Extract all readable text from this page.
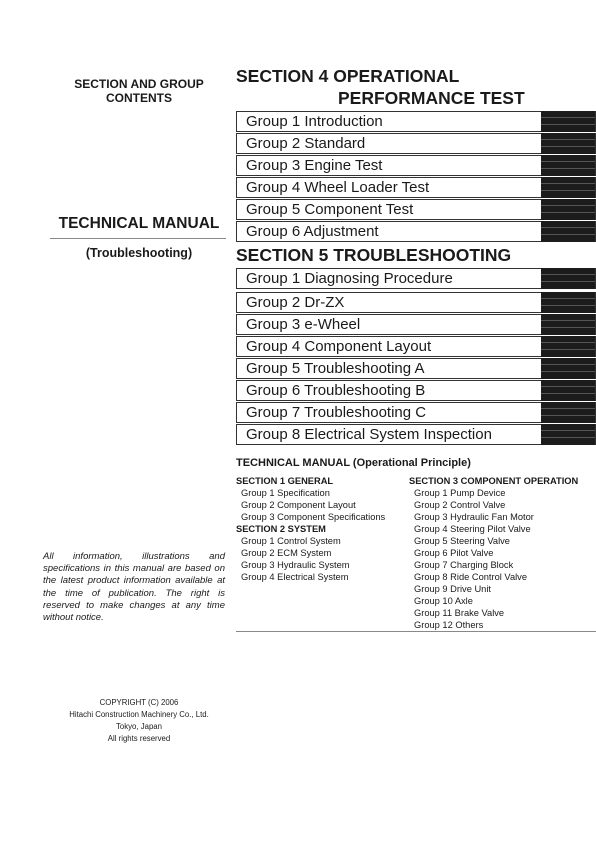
SECTION AND GROUP
CONTENTS
TECHNICAL MANUAL
(Troubleshooting)
All information, illustrations and specifications in this manual are based on the latest product information available at the time of publication. The right is reserved to make changes at any time without notice.
COPYRIGHT (C) 2006
Hitachi Construction Machinery Co., Ltd.
Tokyo, Japan
All rights reserved
SECTION 4 OPERATIONAL
PERFORMANCE TEST
Group 1 Introduction
Group 2 Standard
Group 3 Engine Test
Group 4 Wheel Loader Test
Group 5 Component Test
Group 6 Adjustment
SECTION 5 TROUBLESHOOTING
Group 1 Diagnosing Procedure
Group 2 Dr-ZX
Group 3 e-Wheel
Group 4 Component Layout
Group 5 Troubleshooting A
Group 6 Troubleshooting B
Group 7 Troubleshooting C
Group 8 Electrical System Inspection
TECHNICAL MANUAL (Operational Principle)
SECTION 1 GENERAL
Group 1 Specification
Group 2 Component Layout
Group 3 Component Specifications
SECTION 2 SYSTEM
Group 1 Control System
Group 2 ECM System
Group 3 Hydraulic System
Group 4 Electrical System
SECTION 3 COMPONENT OPERATION
Group 1 Pump Device
Group 2 Control Valve
Group 3 Hydraulic Fan Motor
Group 4 Steering Pilot Valve
Group 5 Steering Valve
Group 6 Pilot Valve
Group 7 Charging Block
Group 8 Ride Control Valve
Group 9 Drive Unit
Group 10 Axle
Group 11 Brake Valve
Group 12 Others
